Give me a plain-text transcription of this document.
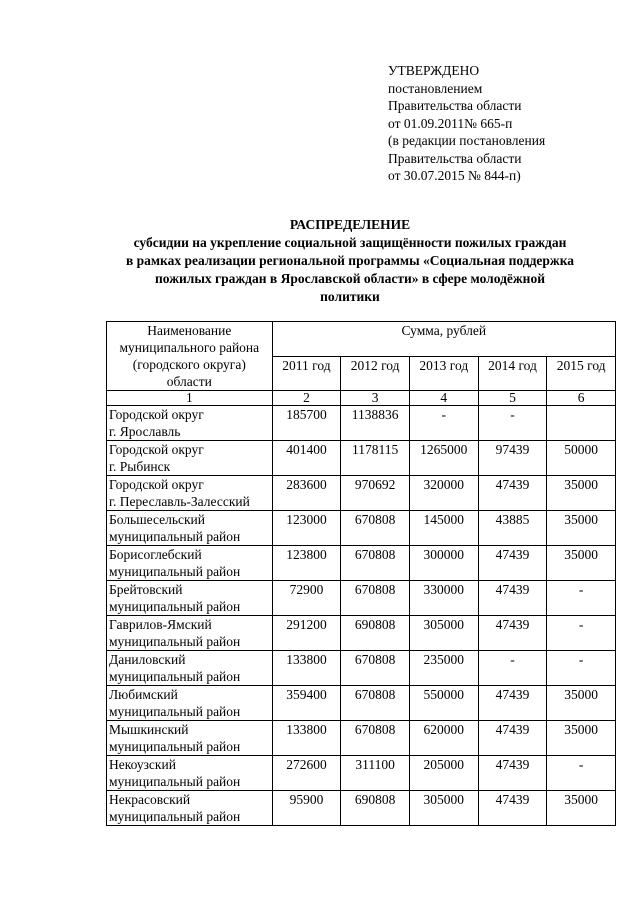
УТВЕРЖДЕНО
постановлением
Правительства области
от 01.09.2011№ 665-п
(в редакции постановления
Правительства области
от 30.07.2015 № 844-п)
РАСПРЕДЕЛЕНИЕ
субсидии на укрепление социальной защищённости пожилых граждан
в рамках реализации региональной программы «Социальная поддержка
пожилых граждан в Ярославской области» в сфере молодёжной
политики
Наименование муниципального района (городского округа) области	Сумма, рублей				
	2011 год	2012 год	2013 год	2014 год	2015 год
1	2	3	4	5	6

Городской округ
г. Ярославль	185700	1138836	-	-	

Городской округ
г. Рыбинск	401400	1178115	1265000	97439	50000

Городской округ
г. Переславль-Залесский	283600	970692	320000	47439	35000

Большесельский
муниципальный район	123000	670808	145000	43885	35000

Борисоглебский
муниципальный район	123800	670808	300000	47439	35000

Брейтовский
муниципальный район	72900	670808	330000	47439	-

Гаврилов-Ямский
муниципальный район	291200	690808	305000	47439	-

Даниловский
муниципальный район	133800	670808	235000	-	-

Любимский
муниципальный район	359400	670808	550000	47439	35000

Мышкинский
муниципальный район	133800	670808	620000	47439	35000

Некоузский
муниципальный район	272600	311100	205000	47439	-

Некрасовский
муниципальный район	95900	690808	305000	47439	35000
